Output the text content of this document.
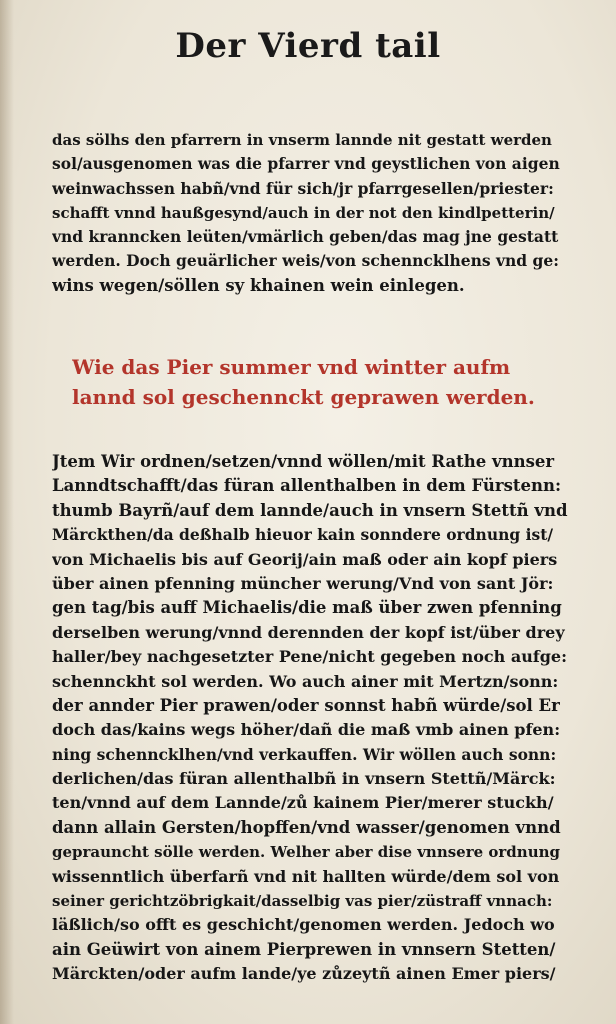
Der Vierd tail
das sölhs den pfarrern in vnserm lannde nit gestatt werden
sol/ausgenomen was die pfarrer vnd geystlichen von aigen
weinwachssen habñ/vnd für sich/jr pfarrgesellen/priester:
schafft vnnd haußgesynd/auch in der not den kindlpetterin/
vnd kranncken leüten/vmärlich geben/das mag jne gestatt
werden. Doch geuärlicher weis/von schenncklhens vnd ge:
wins wegen/söllen sy khainen wein einlegen.
Wie das Pier summer vnd wintter aufm
lannd sol geschennckt geprawen werden.
Jtem Wir ordnen/setzen/vnnd wöllen/mit Rathe vnnser
Lanndtschafft/das füran allenthalben in dem Fürstenn:
thumb Bayrñ/auf dem lannde/auch in vnsern Stettñ vnd
Märckthen/da deßhalb hieuor kain sonndere ordnung ist/
von Michaelis bis auf Georij/ain maß oder ain kopf piers
über ainen pfenning müncher werung/Vnd von sant Jör:
gen tag/bis auff Michaelis/die maß über zwen pfenning
derselben werung/vnnd derennden der kopf ist/über drey
haller/bey nachgesetzter Pene/nicht gegeben noch aufge:
schennckht sol werden. Wo auch ainer mit Mertzn/sonn:
der annder Pier prawen/oder sonnst habñ würde/sol Er
doch das/kains wegs höher/dañ die maß vmb ainen pfen:
ning schenncklhen/vnd verkauffen. Wir wöllen auch sonn:
derlichen/das füran allenthalbñ in vnsern Stettñ/Märck:
ten/vnnd auf dem Lannde/zů kainem Pier/merer stuckh/
dann allain Gersten/hopffen/vnd wasser/genomen vnnd
geprauncht sölle werden. Welher aber dise vnnsere ordnung
wissenntlich überfarñ vnd nit hallten würde/dem sol von
seiner gerichtzöbrigkait/dasselbig vas pier/züstraff vnnach:
läßlich/so offt es geschicht/genomen werden. Jedoch wo
ain Geüwirt von ainem Pierprewen in vnnsern Stetten/
Märckten/oder aufm lande/ye zůzeytñ ainen Emer piers/
